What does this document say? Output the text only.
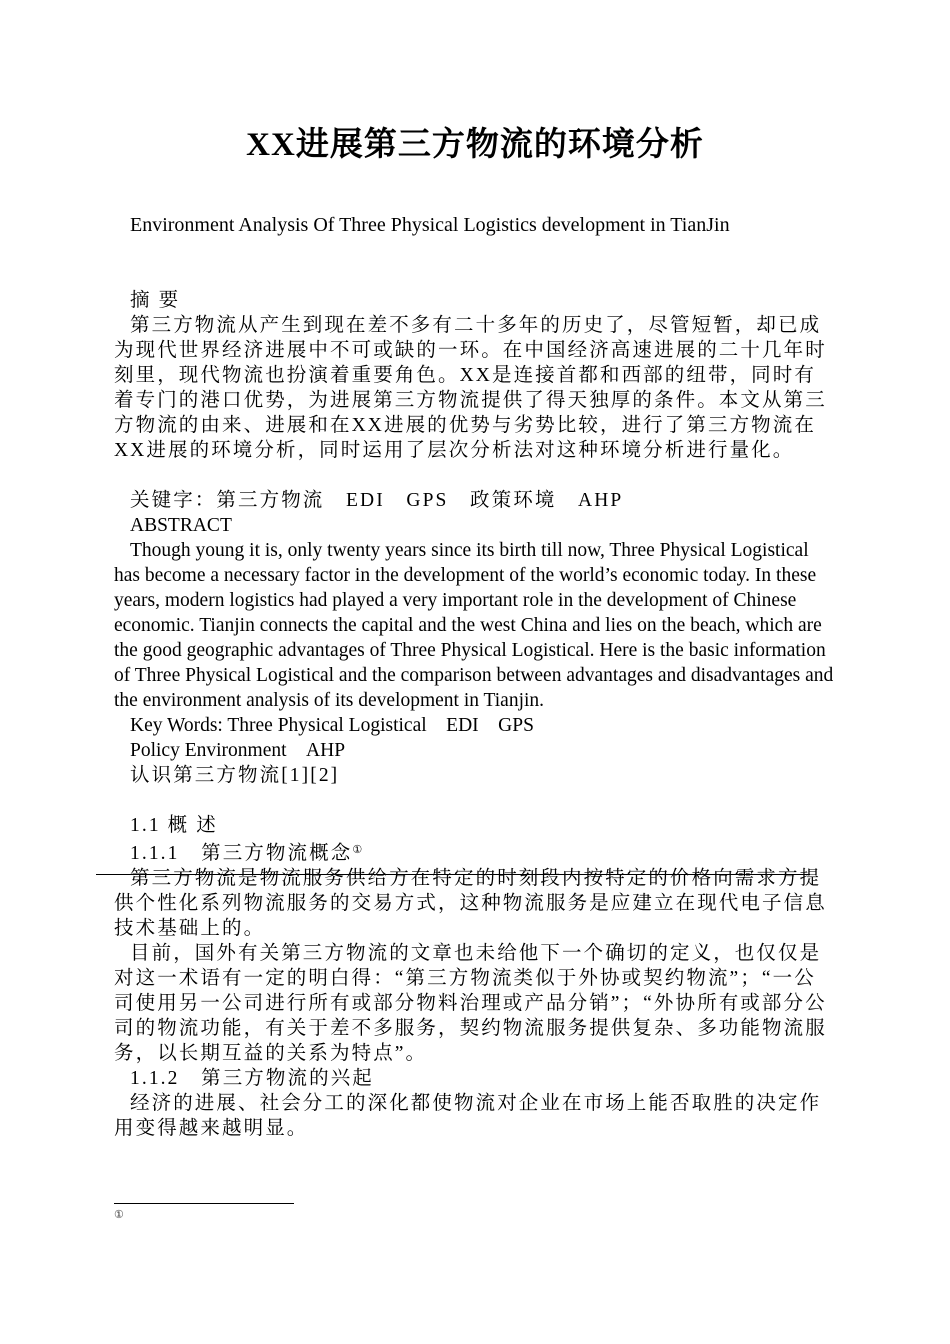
XX进展第三方物流的环境分析
Environment Analysis Of Three Physical Logistics development in TianJin

摘 要

第三方物流从产生到现在差不多有二十多年的历史了，尽管短暂，却已成为现代世界经济进展中不可或缺的一环。在中国经济高速进展的二十几年时刻里，现代物流也扮演着重要角色。XX是连接首都和西部的纽带，同时有着专门的港口优势，为进展第三方物流提供了得天独厚的条件。本文从第三方物流的由来、进展和在XX进展的优势与劣势比较，进行了第三方物流在XX进展的环境分析，同时运用了层次分析法对这种环境分析进行量化。

关键字：第三方物流　EDI　GPS　政策环境　AHP

ABSTRACT

Though young it is, only twenty years since its birth till now, Three Physical Logistical has become a necessary factor in the development of the world’s economic today. In these years, modern logistics had played a very important role in the development of Chinese economic. Tianjin connects the capital and the west China and lies on the beach, which are the good geographic advantages of Three Physical Logistical. Here is the basic information of Three Physical Logistical and the comparison between advantages and disadvantages and the environment analysis of its development in Tianjin.

Key Words: Three Physical Logistical　EDI　GPS

Policy Environment　AHP

认识第三方物流[1][2]

1.1 概 述

1.1.1　第三方物流概念①

第三方物流是物流服务供给方在特定的时刻段内按特定的价格向需求方提供个性化系列物流服务的交易方式，这种物流服务是应建立在现代电子信息技术基础上的。

目前，国外有关第三方物流的文章也未给他下一个确切的定义，也仅仅是对这一术语有一定的明白得：“第三方物流类似于外协或契约物流”；“一公司使用另一公司进行所有或部分物料治理或产品分销”；“外协所有或部分公司的物流功能，有关于差不多服务，契约物流服务提供复杂、多功能物流服务，以长期互益的关系为特点”。

1.1.2　第三方物流的兴起

经济的进展、社会分工的深化都使物流对企业在市场上能否取胜的决定作用变得越来越明显。

①
